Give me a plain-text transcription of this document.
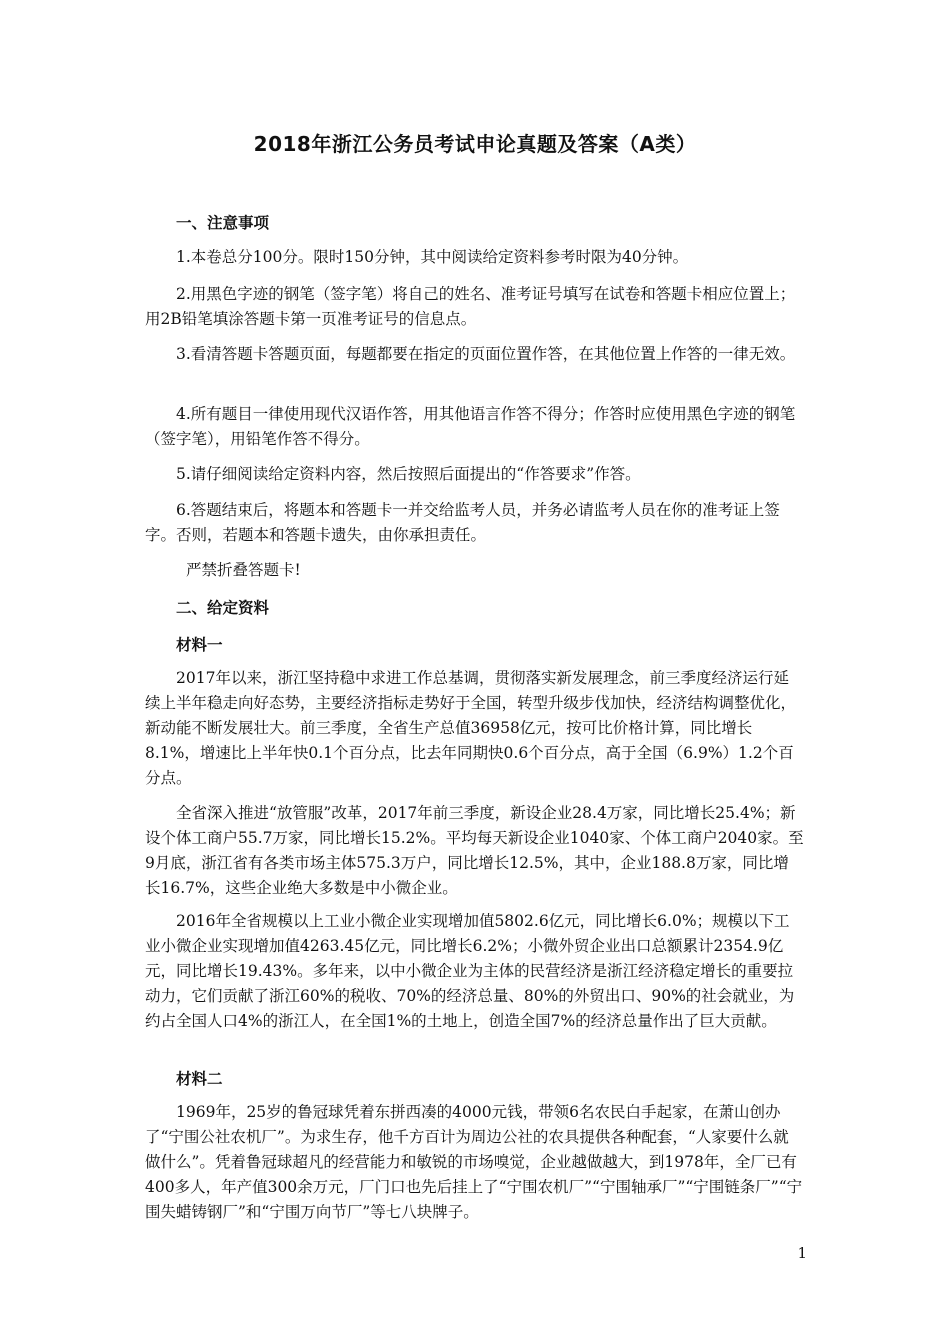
2018年浙江公务员考试申论真题及答案（A类）
一、注意事项
1.本卷总分100分。限时150分钟，其中阅读给定资料参考时限为40分钟。
2.用黑色字迹的钢笔（签字笔）将自己的姓名、准考证号填写在试卷和答题卡相应位置上；用2B铅笔填涂答题卡第一页准考证号的信息点。
3.看清答题卡答题页面，每题都要在指定的页面位置作答，在其他位置上作答的一律无效。
4.所有题目一律使用现代汉语作答，用其他语言作答不得分；作答时应使用黑色字迹的钢笔（签字笔），用铅笔作答不得分。
5.请仔细阅读给定资料内容，然后按照后面提出的“作答要求”作答。
6.答题结束后，将题本和答题卡一并交给监考人员，并务必请监考人员在你的准考证上签字。否则，若题本和答题卡遗失，由你承担责任。
严禁折叠答题卡!
二、给定资料
材料一
2017年以来，浙江坚持稳中求进工作总基调，贯彻落实新发展理念，前三季度经济运行延续上半年稳走向好态势，主要经济指标走势好于全国，转型升级步伐加快，经济结构调整优化，新动能不断发展壮大。前三季度，全省生产总值36958亿元，按可比价格计算，同比增长8.1%，增速比上半年快0.1个百分点，比去年同期快0.6个百分点，高于全国（6.9%）1.2个百分点。
全省深入推进“放管服”改革，2017年前三季度，新设企业28.4万家，同比增长25.4%；新设个体工商户55.7万家，同比增长15.2%。平均每天新设企业1040家、个体工商户2040家。至9月底，浙江省有各类市场主体575.3万户，同比增长12.5%，其中，企业188.8万家，同比增长16.7%，这些企业绝大多数是中小微企业。
2016年全省规模以上工业小微企业实现增加值5802.6亿元，同比增长6.0%；规模以下工业小微企业实现增加值4263.45亿元，同比增长6.2%；小微外贸企业出口总额累计2354.9亿元，同比增长19.43%。多年来，以中小微企业为主体的民营经济是浙江经济稳定增长的重要拉动力，它们贡献了浙江60%的税收、70%的经济总量、80%的外贸出口、90%的社会就业，为约占全国人口4%的浙江人，在全国1%的土地上，创造全国7%的经济总量作出了巨大贡献。
材料二
1969年，25岁的鲁冠球凭着东拼西凑的4000元钱，带领6名农民白手起家，在萧山创办了“宁围公社农机厂”。为求生存，他千方百计为周边公社的农具提供各种配套，“人家要什么就做什么”。凭着鲁冠球超凡的经营能力和敏锐的市场嗅觉，企业越做越大，到1978年，全厂已有400多人，年产值300余万元，厂门口也先后挂上了“宁围农机厂”“宁围轴承厂”“宁围链条厂”“宁围失蜡铸钢厂”和“宁围万向节厂”等七八块牌子。
1
